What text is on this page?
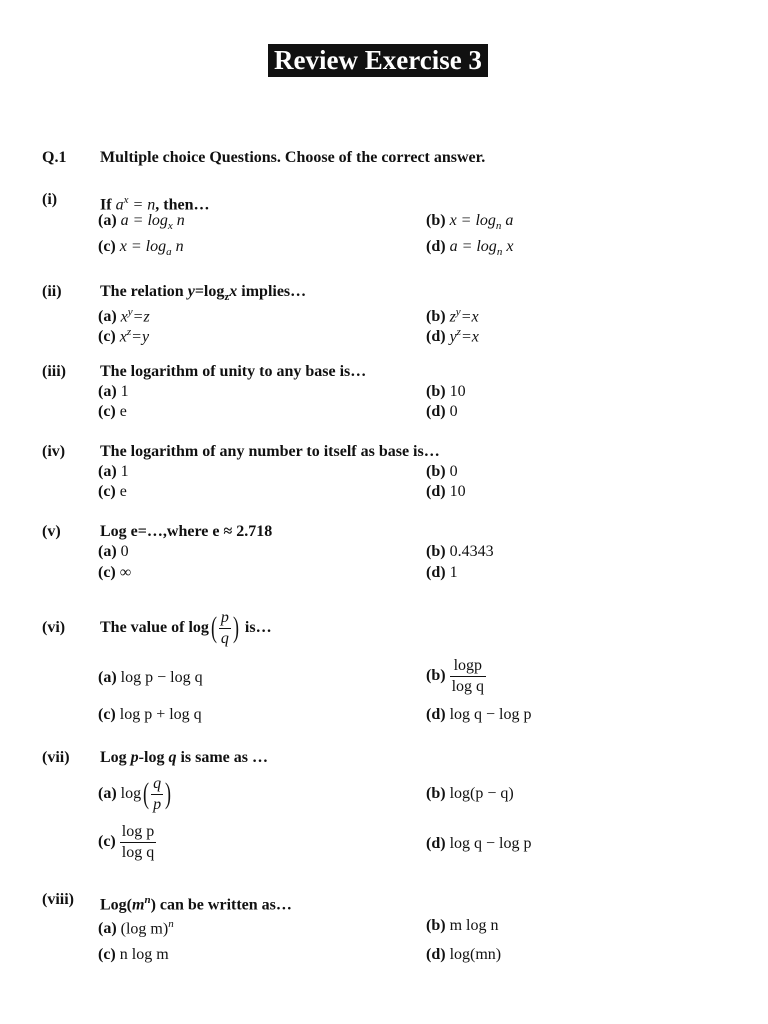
Review Exercise 3
Q.1 Multiple choice Questions. Choose of the correct answer.
(i)	If $a^x = n$, then…
(a) $a = \log_x n$	(b) $x = \log_n a$
(c) $x = \log_a n$	(d) $a = \log_n x$
(ii) The relation $y=\log_zx$ implies…
(a) $x^y=z$	(b) $z^y=x$
(c) $x^z=y$	(d) $y^z=x$
(iii) The logarithm of unity to any base is…
(a) 1	(b) 10
(c) e	(d) 0
(iv) The logarithm of any number to itself as base is…
(a) 1	(b) 0
(c) e	(d) 10
(v) Log e=…,where e ≈ 2.718
(a) 0	(b) 0.4343
(c) ∞	(d) 1
(vi) The value of $\log( \frac{p}{q}$ ) is…
(a) log p − log q	$(b) \frac{\log p}{\text{log q}}$
(c) log p + log q	(d) log q − log p
(vii) Log p-log q is same as …
(a) $\log( \frac{q}{p}$ )	(b) log(p − q)
$(c) \frac{\text{log p}}{\text{log q}}$	(d) log q − log p
(viii) $Log(m^n)$ can be written as…
(a) (log m)$^n$	(b) m log n
(c) n log m	(d) log(mn)
